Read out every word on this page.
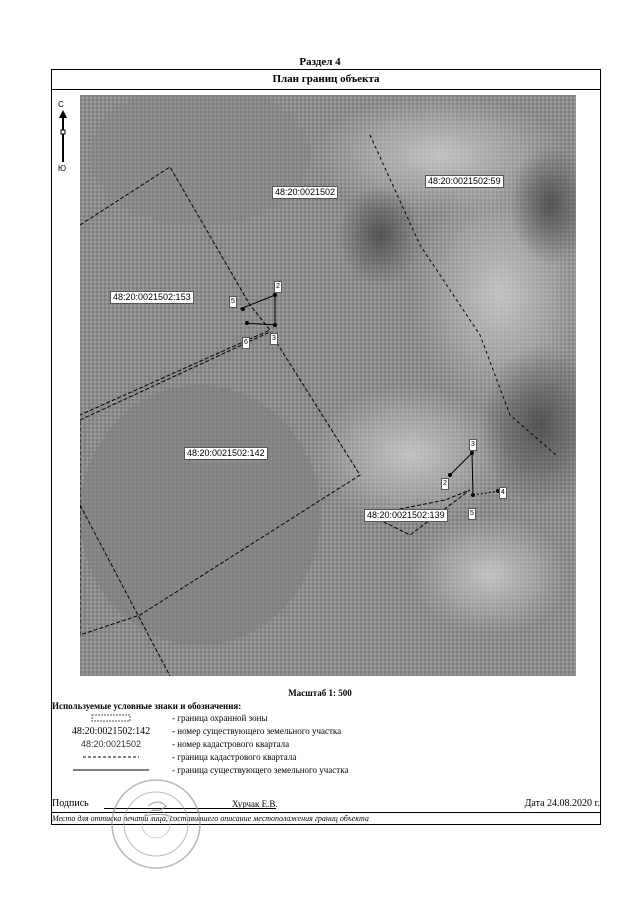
Раздел 4
План границ объекта
С
Ю
48:20:0021502
48:20:0021502:59
48:20:0021502:153
48:20:0021502:142
48:20:0021502:139
5
2
6
3
3
2
4
5
Масштаб 1: 500
Используемые условные знаки и обозначения:
- граница охранной зоны
48:20:0021502:142	- номер существующего земельного участка
48:20:0021502	- номер кадастрового квартала
- граница кадастрового квартала
- граница существующего земельного участка
Подпись	Хурчак Е.В.	Дата 24.08.2020 г.
Место для оттиска печати лица, составившего описание местоположения границ объекта
